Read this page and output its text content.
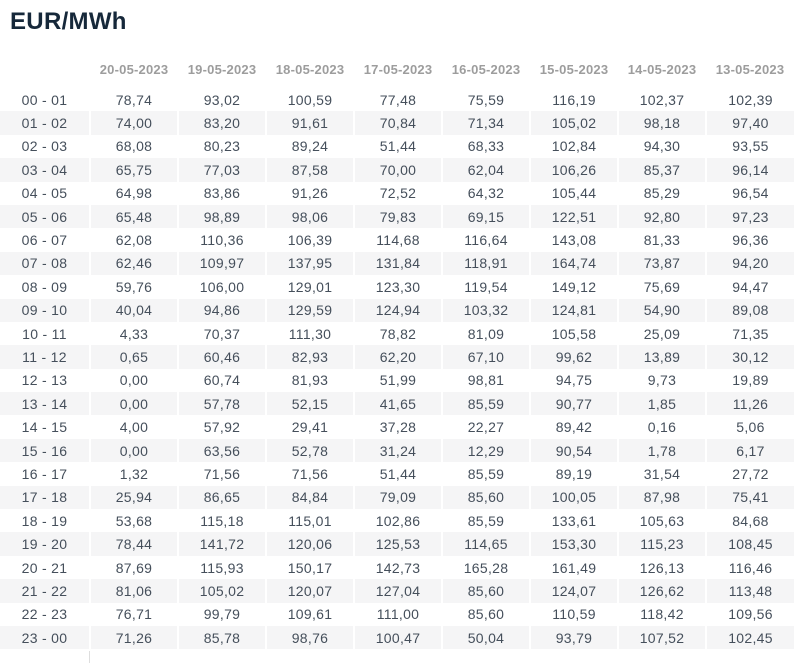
EUR/MWh
	20-05-2023	19-05-2023	18-05-2023	17-05-2023	16-05-2023	15-05-2023	14-05-2023	13-05-2023
00 - 01	78,74	93,02	100,59	77,48	75,59	116,19	102,37	102,39
01 - 02	74,00	83,20	91,61	70,84	71,34	105,02	98,18	97,40
02 - 03	68,08	80,23	89,24	51,44	68,33	102,84	94,30	93,55
03 - 04	65,75	77,03	87,58	70,00	62,04	106,26	85,37	96,14
04 - 05	64,98	83,86	91,26	72,52	64,32	105,44	85,29	96,54
05 - 06	65,48	98,89	98,06	79,83	69,15	122,51	92,80	97,23
06 - 07	62,08	110,36	106,39	114,68	116,64	143,08	81,33	96,36
07 - 08	62,46	109,97	137,95	131,84	118,91	164,74	73,87	94,20
08 - 09	59,76	106,00	129,01	123,30	119,54	149,12	75,69	94,47
09 - 10	40,04	94,86	129,59	124,94	103,32	124,81	54,90	89,08
10 - 11	4,33	70,37	111,30	78,82	81,09	105,58	25,09	71,35
11 - 12	0,65	60,46	82,93	62,20	67,10	99,62	13,89	30,12
12 - 13	0,00	60,74	81,93	51,99	98,81	94,75	9,73	19,89
13 - 14	0,00	57,78	52,15	41,65	85,59	90,77	1,85	11,26
14 - 15	4,00	57,92	29,41	37,28	22,27	89,42	0,16	5,06
15 - 16	0,00	63,56	52,78	31,24	12,29	90,54	1,78	6,17
16 - 17	1,32	71,56	71,56	51,44	85,59	89,19	31,54	27,72
17 - 18	25,94	86,65	84,84	79,09	85,60	100,05	87,98	75,41
18 - 19	53,68	115,18	115,01	102,86	85,59	133,61	105,63	84,68
19 - 20	78,44	141,72	120,06	125,53	114,65	153,30	115,23	108,45
20 - 21	87,69	115,93	150,17	142,73	165,28	161,49	126,13	116,46
21 - 22	81,06	105,02	120,07	127,04	85,60	124,07	126,62	113,48
22 - 23	76,71	99,79	109,61	111,00	85,60	110,59	118,42	109,56
23 - 00	71,26	85,78	98,76	100,47	50,04	93,79	107,52	102,45
